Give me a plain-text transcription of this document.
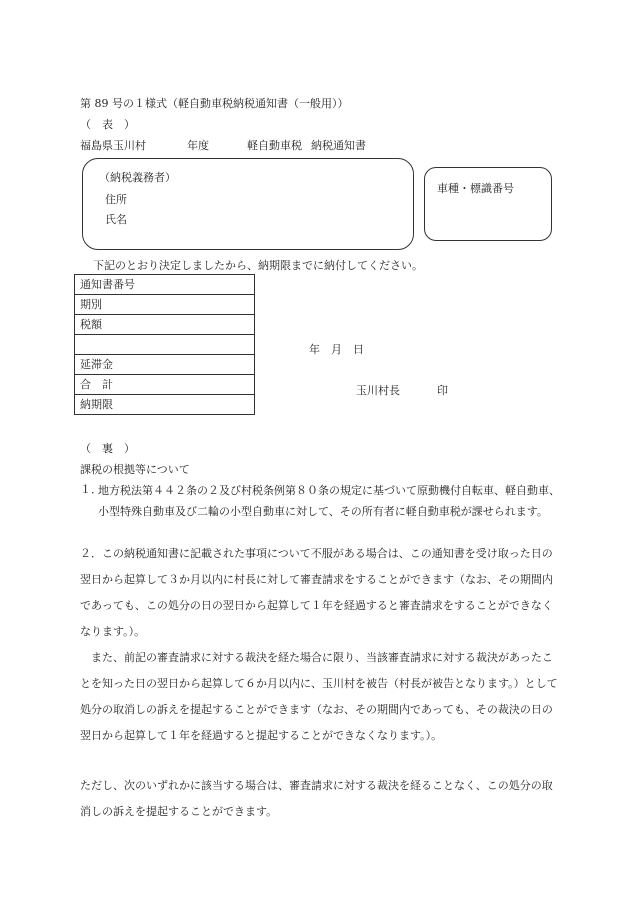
第 89 号の１様式（軽自動車税納税通知書（一般用））
（　表　）
福島県玉川村	年度	軽自動車税 納税通知書
（納税義務者）
住所
氏名
車種・標識番号
下記のとおり決定しましたから、納期限までに納付してください。
通知書番号
期別
税額

延滞金
合　計
納期限
年　月　日
玉川村長	印
（　裏　）
課税の根拠等について
１．
地方税法第４４２条の２及び村税条例第８０条の規定に基づいて原動機付自転車、軽自動車、小型特殊自動車及び二輪の小型自動車に対して、その所有者に軽自動車税が課せられます。
２．この納税通知書に記載された事項について不服がある場合は、この通知書を受け取った日の翌日から起算して３か月以内に村長に対して審査請求をすることができます（なお、その期間内であっても、この処分の日の翌日から起算して１年を経過すると審査請求をすることができなくなります。）。
また、前記の審査請求に対する裁決を経た場合に限り、当該審査請求に対する裁決があったことを知った日の翌日から起算して６か月以内に、玉川村を被告（村長が被告となります。）として処分の取消しの訴えを提起することができます（なお、その期間内であっても、その裁決の日の翌日から起算して１年を経過すると提起することができなくなります。）。
ただし、次のいずれかに該当する場合は、審査請求に対する裁決を経ることなく、この処分の取消しの訴えを提起することができます。
